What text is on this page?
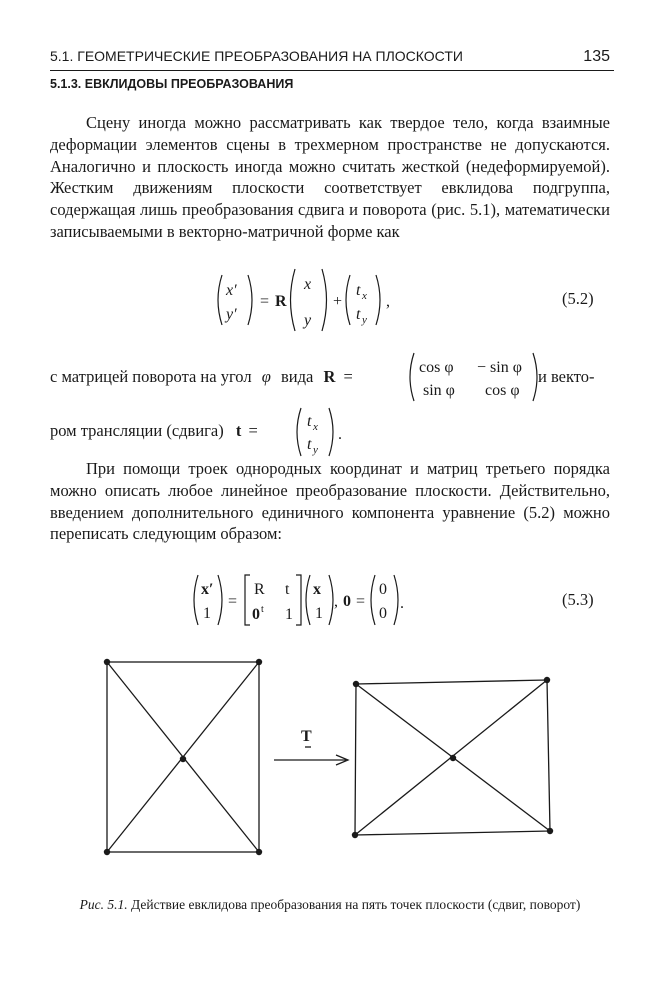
5.1. ГЕОМЕТРИЧЕСКИЕ ПРЕОБРАЗОВАНИЯ НА ПЛОСКОСТИ	135
5.1.3. ЕВКЛИДОВЫ ПРЕОБРАЗОВАНИЯ
Сцену иногда можно рассматривать как твердое тело, когда взаимные деформации элементов сцены в трехмерном пространстве не допускаются. Аналогично и плоскость иногда можно считать жесткой (недеформируемой). Жестким движениям плоскости соответствует евклидова подгруппа, содержащая лишь преобразования сдвига и поворота (рис. 5.1), математически записываемыми в векторно-матричной форме как
x′
y′
= R
x
y
+
t x
t y
,	(5.2)
с матрицей поворота на угол φ вида R =	cos φ − sin φ
sin φ cos φ
и векто-
ром трансляции (сдвига) t =	t x
t y
.
При помощи троек однородных координат и матриц третьего порядка можно описать любое линейное преобразование плоскости. Действительно, введением дополнительного единичного компонента уравнение (5.2) можно переписать следующим образом:
x′
1
=
R t
0 t 1
x
1
, 0 =
0
0
.	(5.3)
T
Рис. 5.1. Действие евклидова преобразования на пять точек плоскости (сдвиг, поворот)
